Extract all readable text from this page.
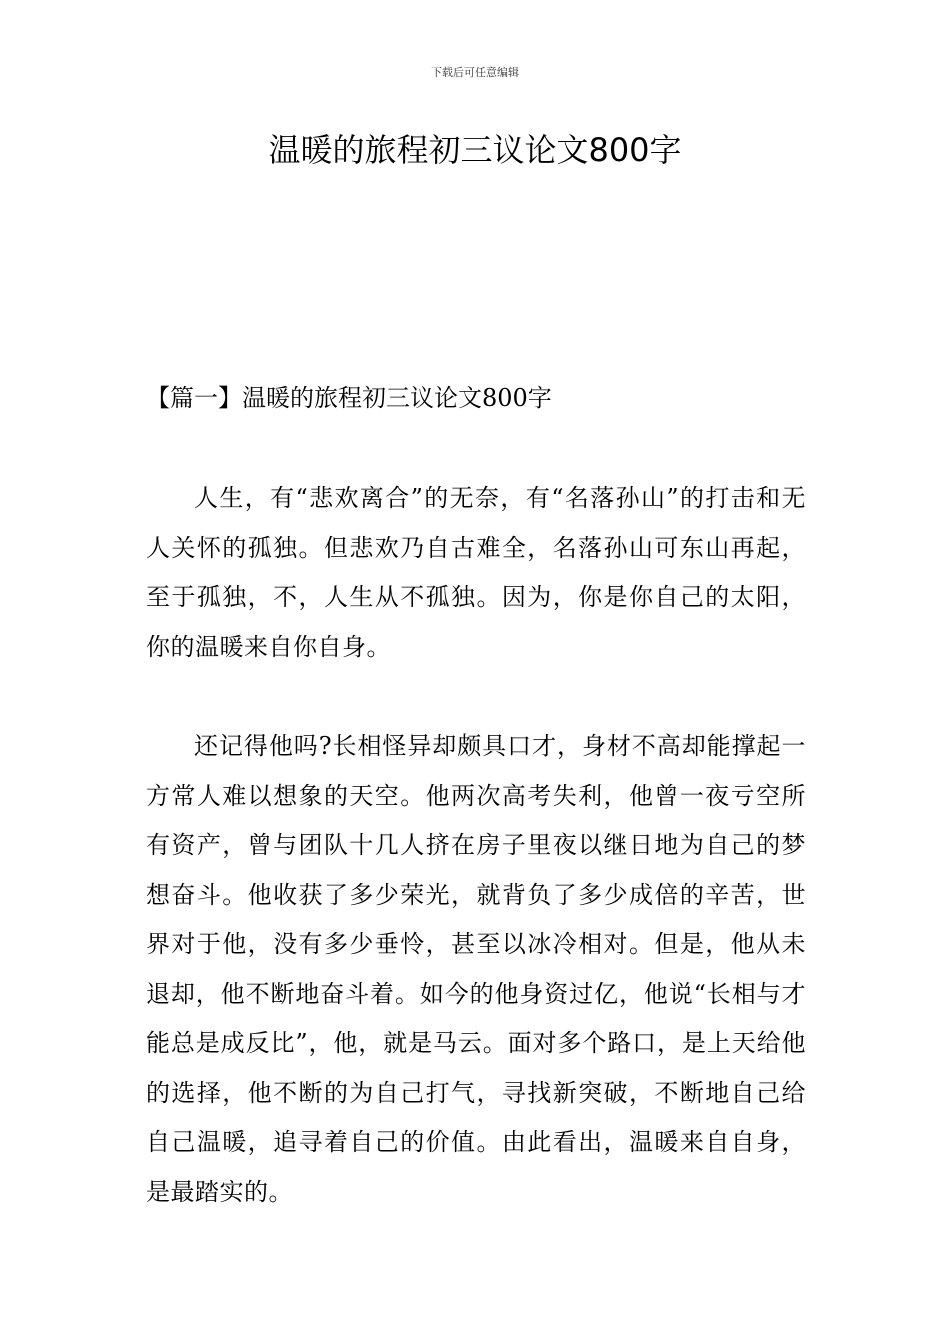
下载后可任意编辑
温暖的旅程初三议论文800字
【篇一】温暖的旅程初三议论文800字

人生，有“悲欢离合”的无奈，有“名落孙山”的打击和无人关怀的孤独。但悲欢乃自古难全，名落孙山可东山再起，至于孤独，不，人生从不孤独。因为，你是你自己的太阳，你的温暖来自你自身。

还记得他吗?长相怪异却颇具口才，身材不高却能撑起一方常人难以想象的天空。他两次高考失利，他曾一夜亏空所有资产，曾与团队十几人挤在房子里夜以继日地为自己的梦想奋斗。他收获了多少荣光，就背负了多少成倍的辛苦，世界对于他，没有多少垂怜，甚至以冰冷相对。但是，他从未退却，他不断地奋斗着。如今的他身资过亿，他说“长相与才能总是成反比”，他，就是马云。面对多个路口，是上天给他的选择，他不断的为自己打气，寻找新突破，不断地自己给自己温暖，追寻着自己的价值。由此看出，温暖来自自身，是最踏实的。
